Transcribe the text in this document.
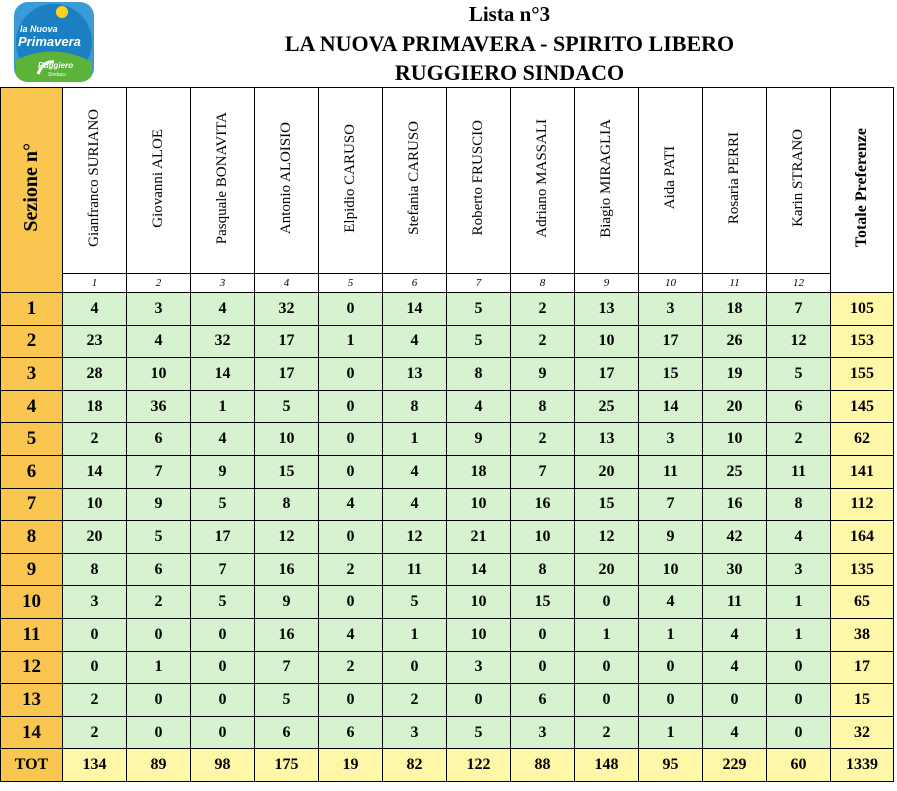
la Nuova
Primavera
Ruggiero
Sindaco
Lista n°3
LA NUOVA PRIMAVERA - SPIRITO LIBERO
RUGGIERO SINDACO
Sezione n°	Gianfranco SURIANO	Giovanni ALOE	Pasquale BONAVITA	Antonio ALOISIO	Elpidio CARUSO	Stefania CARUSO	Roberto FRUSCIO	Adriano MASSALI	Biagio MIRAGLIA	Aida PATI	Rosaria PERRI	Karin STRANO	Totale Preferenze
	1	2	3	4	5	6	7	8	9	10	11	12	
1	4	3	4	32	0	14	5	2	13	3	18	7	105
2	23	4	32	17	1	4	5	2	10	17	26	12	153
3	28	10	14	17	0	13	8	9	17	15	19	5	155
4	18	36	1	5	0	8	4	8	25	14	20	6	145
5	2	6	4	10	0	1	9	2	13	3	10	2	62
6	14	7	9	15	0	4	18	7	20	11	25	11	141
7	10	9	5	8	4	4	10	16	15	7	16	8	112
8	20	5	17	12	0	12	21	10	12	9	42	4	164
9	8	6	7	16	2	11	14	8	20	10	30	3	135
10	3	2	5	9	0	5	10	15	0	4	11	1	65
11	0	0	0	16	4	1	10	0	1	1	4	1	38
12	0	1	0	7	2	0	3	0	0	0	4	0	17
13	2	0	0	5	0	2	0	6	0	0	0	0	15
14	2	0	0	6	6	3	5	3	2	1	4	0	32
TOT	134	89	98	175	19	82	122	88	148	95	229	60	1339
